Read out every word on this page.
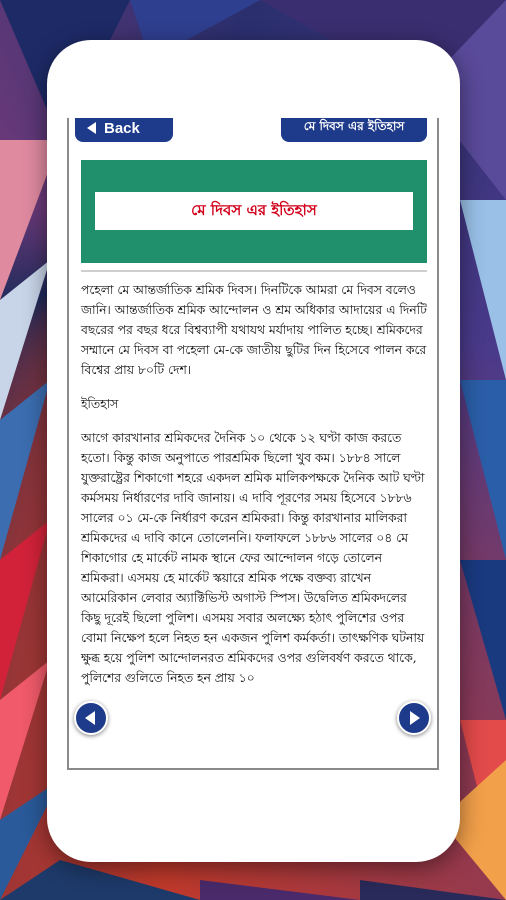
Back	মে দিবস এর ইতিহাস
মে দিবস এর ইতিহাস

পহেলা মে আন্তর্জাতিক শ্রমিক দিবস। দিনটিকে আমরা মে দিবস বলেও জানি। আন্তর্জাতিক শ্রমিক আন্দোলন ও শ্রম অধিকার আদায়ের এ দিনটি বছরের পর বছর ধরে বিশ্বব্যাপী যথাযথ মর্যাদায় পালিত হচ্ছে। শ্রমিকদের সম্মানে মে দিবস বা পহেলা মে-কে জাতীয় ছুটির দিন হিসেবে পালন করে বিশ্বের প্রায় ৮০টি দেশ।

ইতিহাস

আগে কারখানার শ্রমিকদের দৈনিক ১০ থেকে ১২ ঘণ্টা কাজ করতে হতো। কিন্তু কাজ অনুপাতে পারশ্রমিক ছিলো খুব কম। ১৮৮৪ সালে যুক্তরাষ্ট্রের শিকাগো শহরে একদল শ্রমিক মালিকপক্ষকে দৈনিক আট ঘণ্টা কর্মসময় নির্ধারণের দাবি জানায়। এ দাবি পূরণের সময় হিসেবে ১৮৮৬ সালের ০১ মে-কে নির্ধারণ করেন শ্রমিকরা। কিন্তু কারখানার মালিকরা শ্রমিকদের এ দাবি কানে তোলেননি। ফলাফলে ১৮৮৬ সালের ০৪ মে শিকাগোর হে মার্কেট নামক স্থানে ফের আন্দোলন গড়ে তোলেন শ্রমিকরা। এসময় হে মার্কেট স্কয়ারে শ্রমিক পক্ষে বক্তব্য রাখেন আমেরিকান লেবার অ্যাক্টিভিস্ট অগাস্ট স্পিস। উদ্বেলিত শ্রমিকদলের কিছু দূরেই ছিলো পুলিশ। এসময় সবার অলক্ষ্যে হঠাৎ পুলিশের ওপর বোমা নিক্ষেপ হলে নিহত হন একজন পুলিশ কর্মকর্তা। তাৎক্ষণিক ঘটনায় ক্ষুব্ধ হয়ে পুলিশ আন্দোলনরত শ্রমিকদের ওপর গুলিবর্ষণ করতে থাকে, পুলিশের গুলিতে নিহত হন প্রায় ১০
